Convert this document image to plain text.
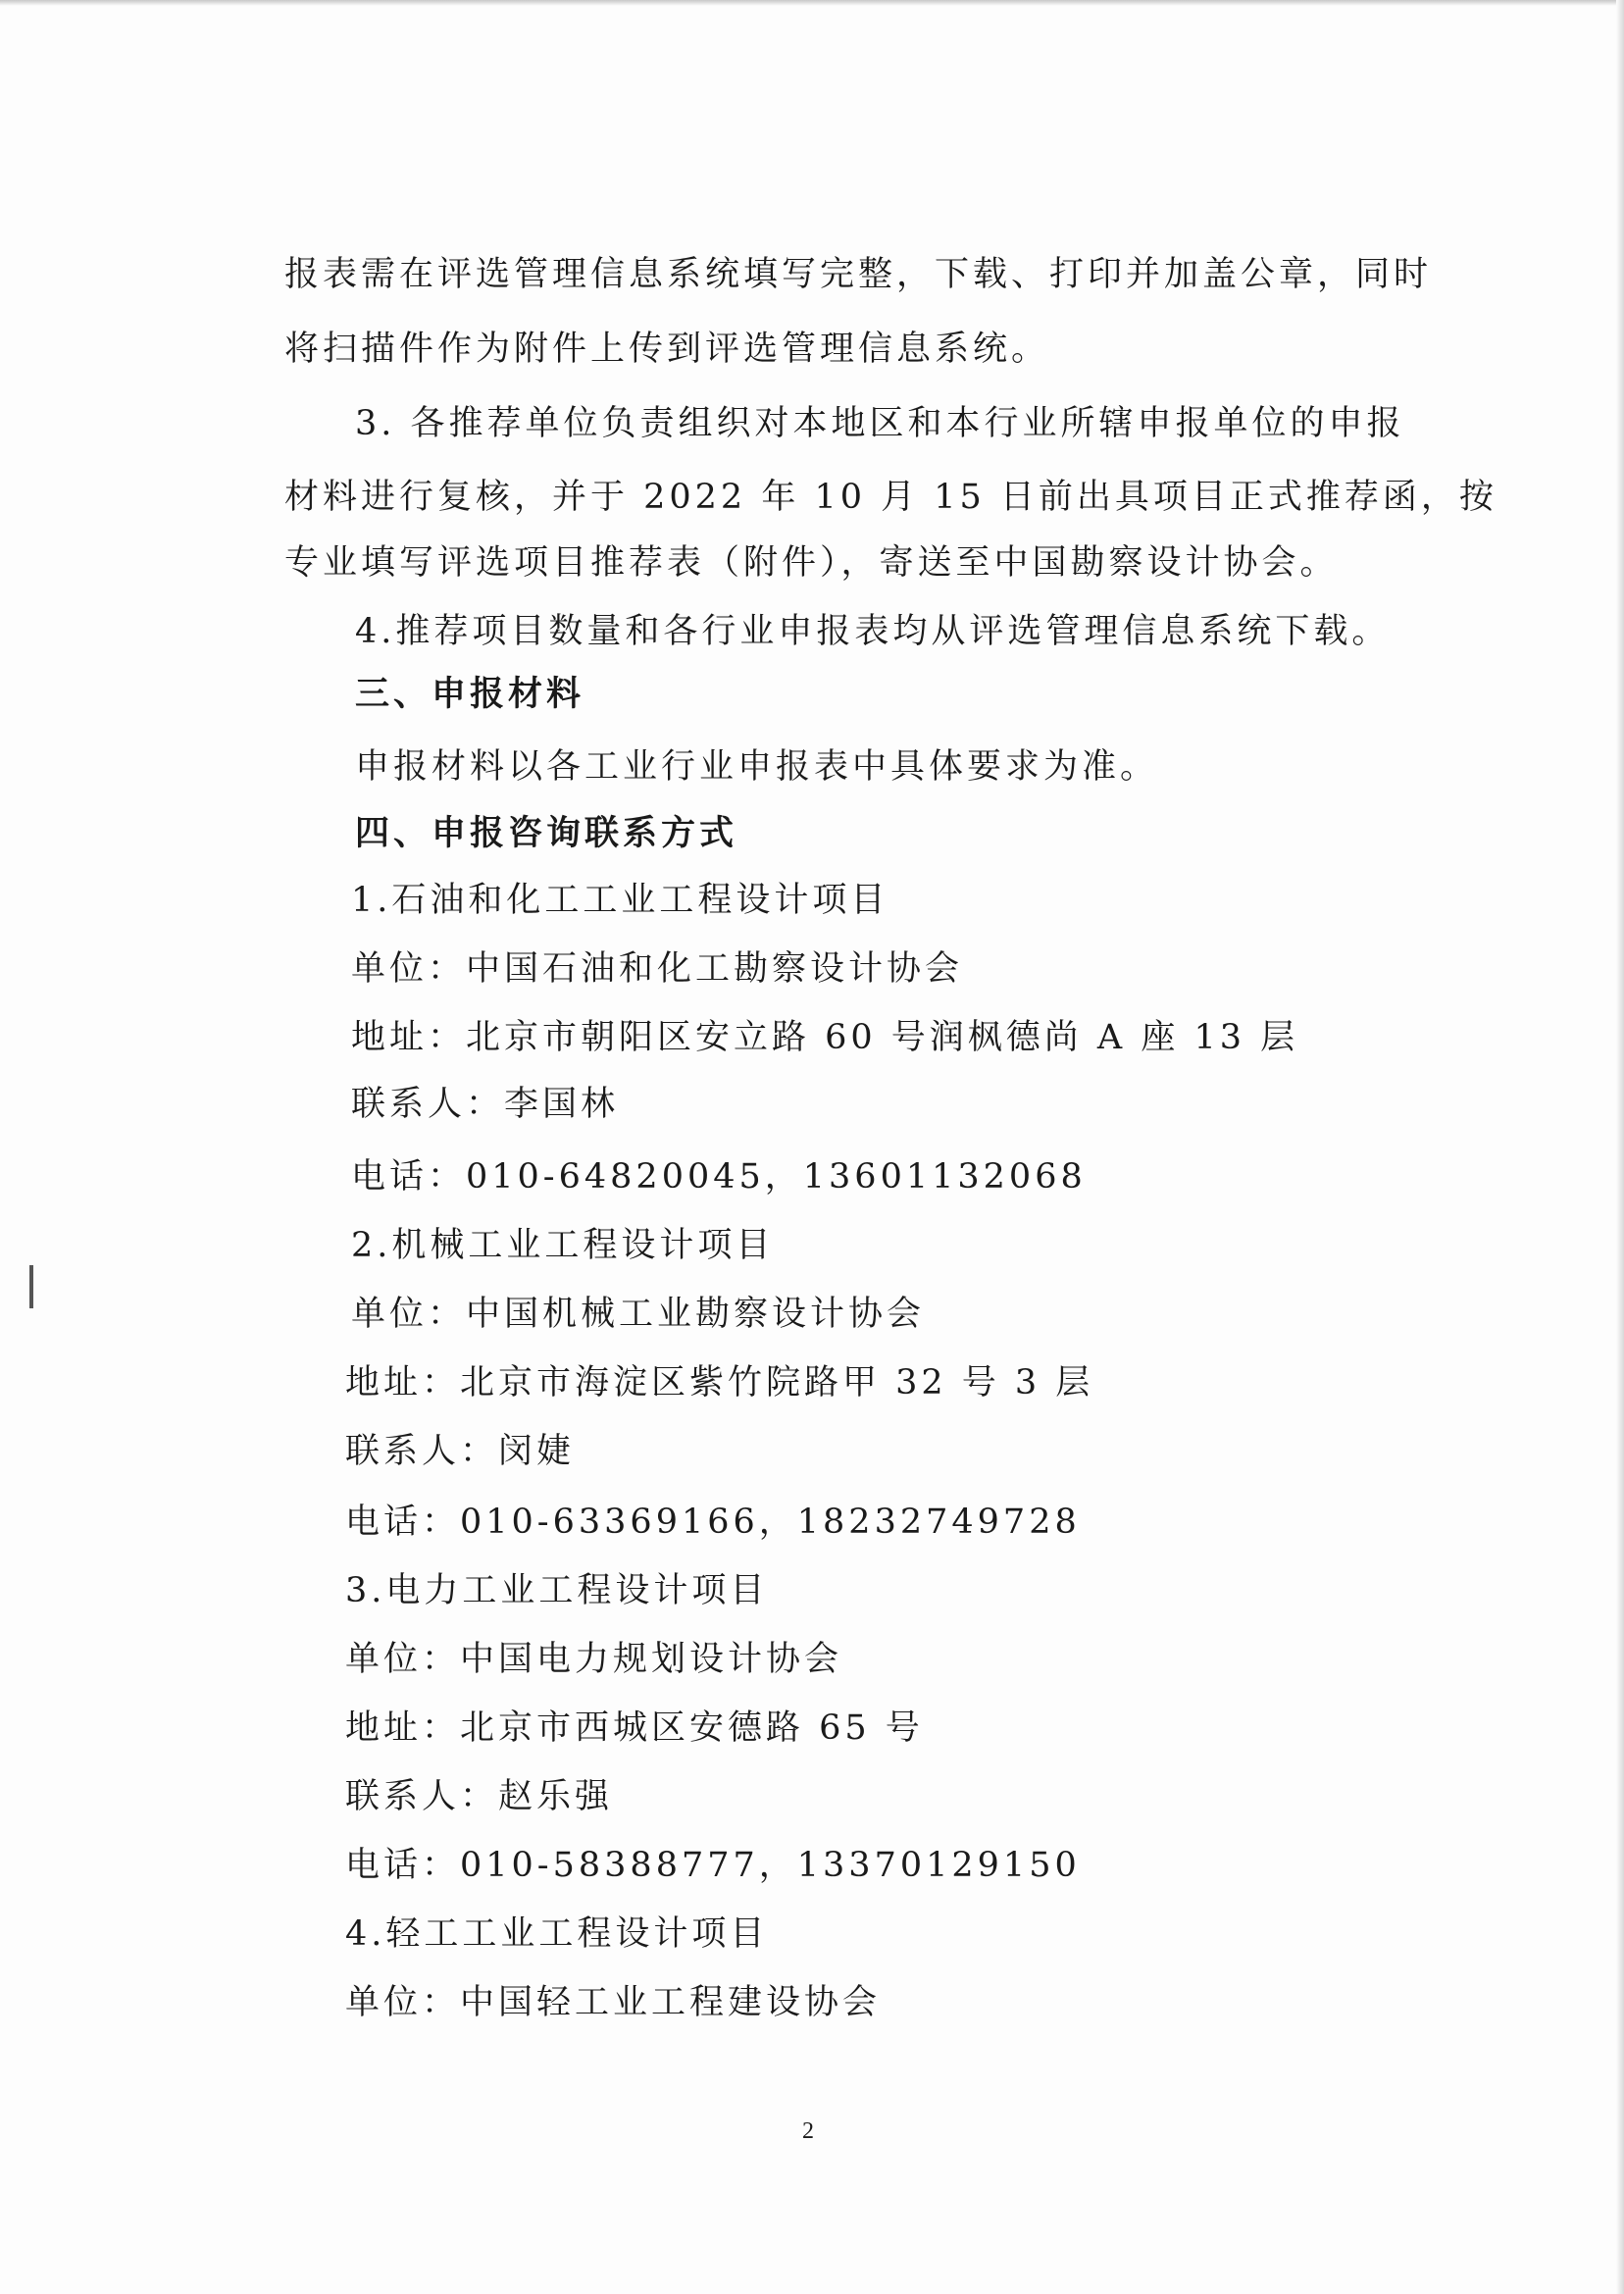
报表需在评选管理信息系统填写完整，下载、打印并加盖公章，同时
将扫描件作为附件上传到评选管理信息系统。
3. 各推荐单位负责组织对本地区和本行业所辖申报单位的申报
材料进行复核，并于 2022 年 10 月 15 日前出具项目正式推荐函，按
专业填写评选项目推荐表（附件），寄送至中国勘察设计协会。
4.推荐项目数量和各行业申报表均从评选管理信息系统下载。
三、申报材料
申报材料以各工业行业申报表中具体要求为准。
四、申报咨询联系方式
1.石油和化工工业工程设计项目
单位：中国石油和化工勘察设计协会
地址：北京市朝阳区安立路 60 号润枫德尚 A 座 13 层
联系人：李国林
电话：010-64820045，13601132068
2.机械工业工程设计项目
单位：中国机械工业勘察设计协会
地址：北京市海淀区紫竹院路甲 32 号 3 层
联系人：闵婕
电话：010-63369166，18232749728
3.电力工业工程设计项目
单位：中国电力规划设计协会
地址：北京市西城区安德路 65 号
联系人：赵乐强
电话：010-58388777，13370129150
4.轻工工业工程设计项目
单位：中国轻工业工程建设协会
2
